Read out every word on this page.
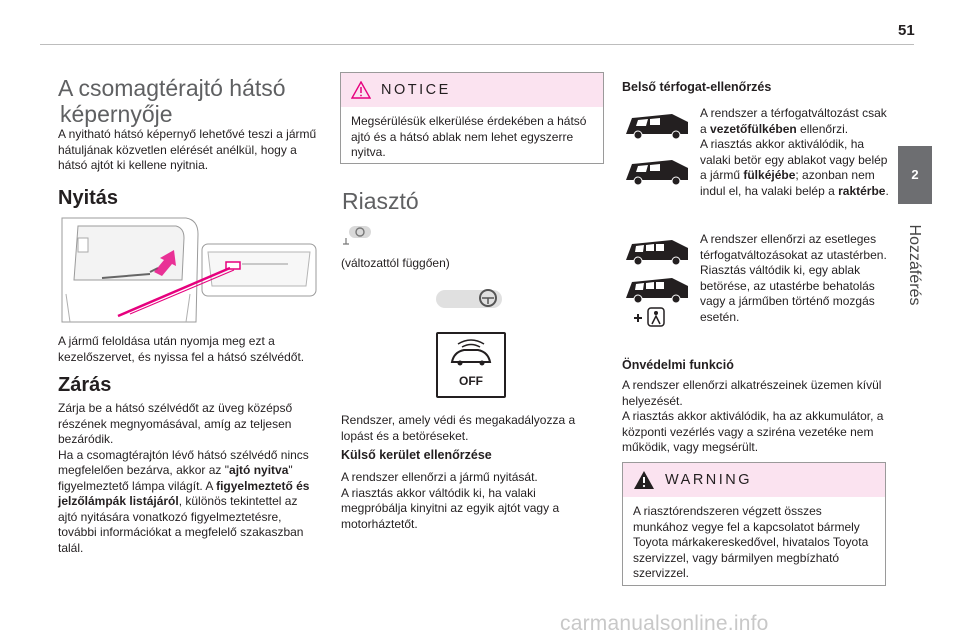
51
2
Hozzáférés
A csomagtérajtó hátsó
képernyője
A nyitható hátsó képernyő lehetővé teszi a jármű hátuljának közvetlen elérését anélkül, hogy a hátsó ajtót ki kellene nyitnia.
Nyitás
A jármű feloldása után nyomja meg ezt a kezelőszervet, és nyissa fel a hátsó szélvédőt.
Zárás
Zárja be a hátsó szélvédőt az üveg középső részének megnyomásával, amíg az teljesen bezáródik.
Ha a csomagtérajtón lévő hátsó szélvédő nincs megfelelően bezárva, akkor az "ajtó nyitva" figyelmeztető lámpa világít. A figyelmeztető és jelzőlámpák listájáról, különös tekintettel az ajtó nyitására vonatkozó figyelmeztetésre, további információkat a megfelelő szakaszban talál.
NOTICE
Megsérülésük elkerülése érdekében a hátsó ajtó és a hátsó ablak nem lehet egyszerre nyitva.
Riasztó
(változattól függően)
OFF
Rendszer, amely védi és megakadályozza a lopást és a betöréseket.
Külső kerület ellenőrzése
A rendszer ellenőrzi a jármű nyitását.
A riasztás akkor váltódik ki, ha valaki megpróbálja kinyitni az egyik ajtót vagy a motorháztetőt.
Belső térfogat-ellenőrzés
A rendszer a térfogatváltozást csak a vezetőfülkében ellenőrzi.
A riasztás akkor aktiválódik, ha valaki betör egy ablakot vagy belép a jármű fülkéjébe; azonban nem indul el, ha valaki belép a raktérbe.
A rendszer ellenőrzi az esetleges térfogatváltozásokat az utastérben.
Riasztás váltódik ki, egy ablak betörése, az utastérbe behatolás vagy a járműben történő mozgás esetén.
Önvédelmi funkció
A rendszer ellenőrzi alkatrészeinek üzemen kívül helyezését.
A riasztás akkor aktiválódik, ha az akkumulátor, a központi vezérlés vagy a sziréna vezetéke nem működik, vagy megsérült.
WARNING
A riasztórendszeren végzett összes munkához vegye fel a kapcsolatot bármely Toyota márkakereskedővel, hivatalos Toyota szervizzel, vagy bármilyen megbízható szervizzel.
carmanualsonline.info
